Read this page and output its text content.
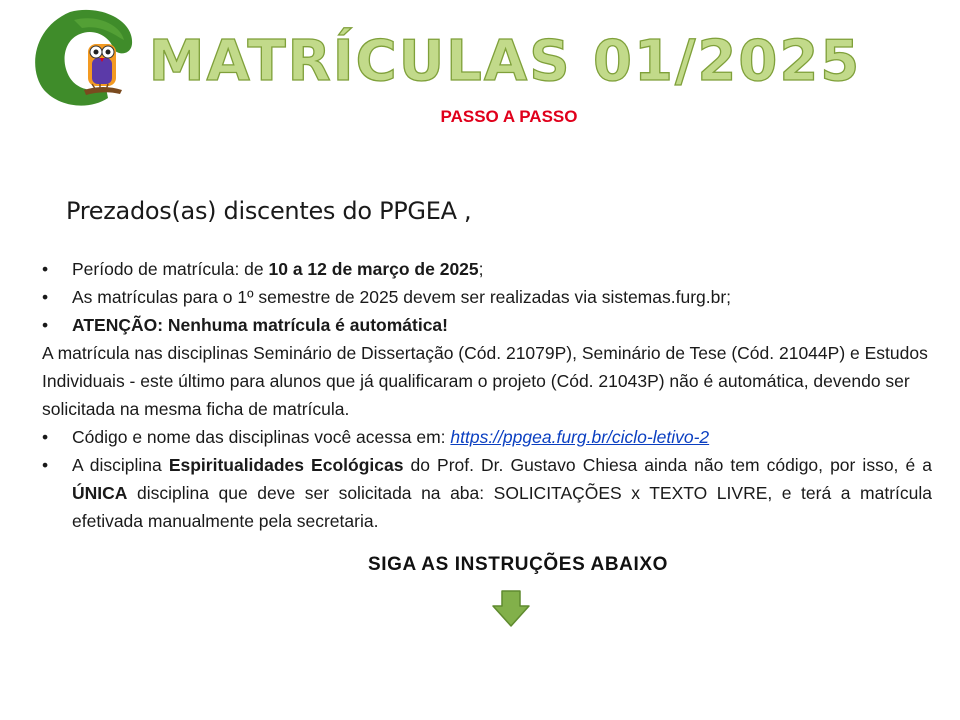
MATRÍCULAS 01/2025
PASSO A PASSO
Prezados(as) discentes do PPGEA ,
• Período de matrícula: de 10 a 12 de março de 2025;
• As matrículas para o 1º semestre de 2025 devem ser realizadas via sistemas.furg.br;
• ATENÇÃO: Nenhuma matrícula é automática!
A matrícula nas disciplinas Seminário de Dissertação (Cód. 21079P), Seminário de Tese (Cód. 21044P) e Estudos Individuais - este último para alunos que já qualificaram o projeto (Cód. 21043P) não é automática, devendo ser solicitada na mesma ficha de matrícula.
• Código e nome das disciplinas você acessa em: https://ppgea.furg.br/ciclo-letivo-2
• A disciplina Espiritualidades Ecológicas do Prof. Dr. Gustavo Chiesa ainda não tem código, por isso, é a ÚNICA disciplina que deve ser solicitada na aba: SOLICITAÇÕES x TEXTO LIVRE, e terá a matrícula efetivada manualmente pela secretaria.
SIGA AS INSTRUÇÕES ABAIXO
